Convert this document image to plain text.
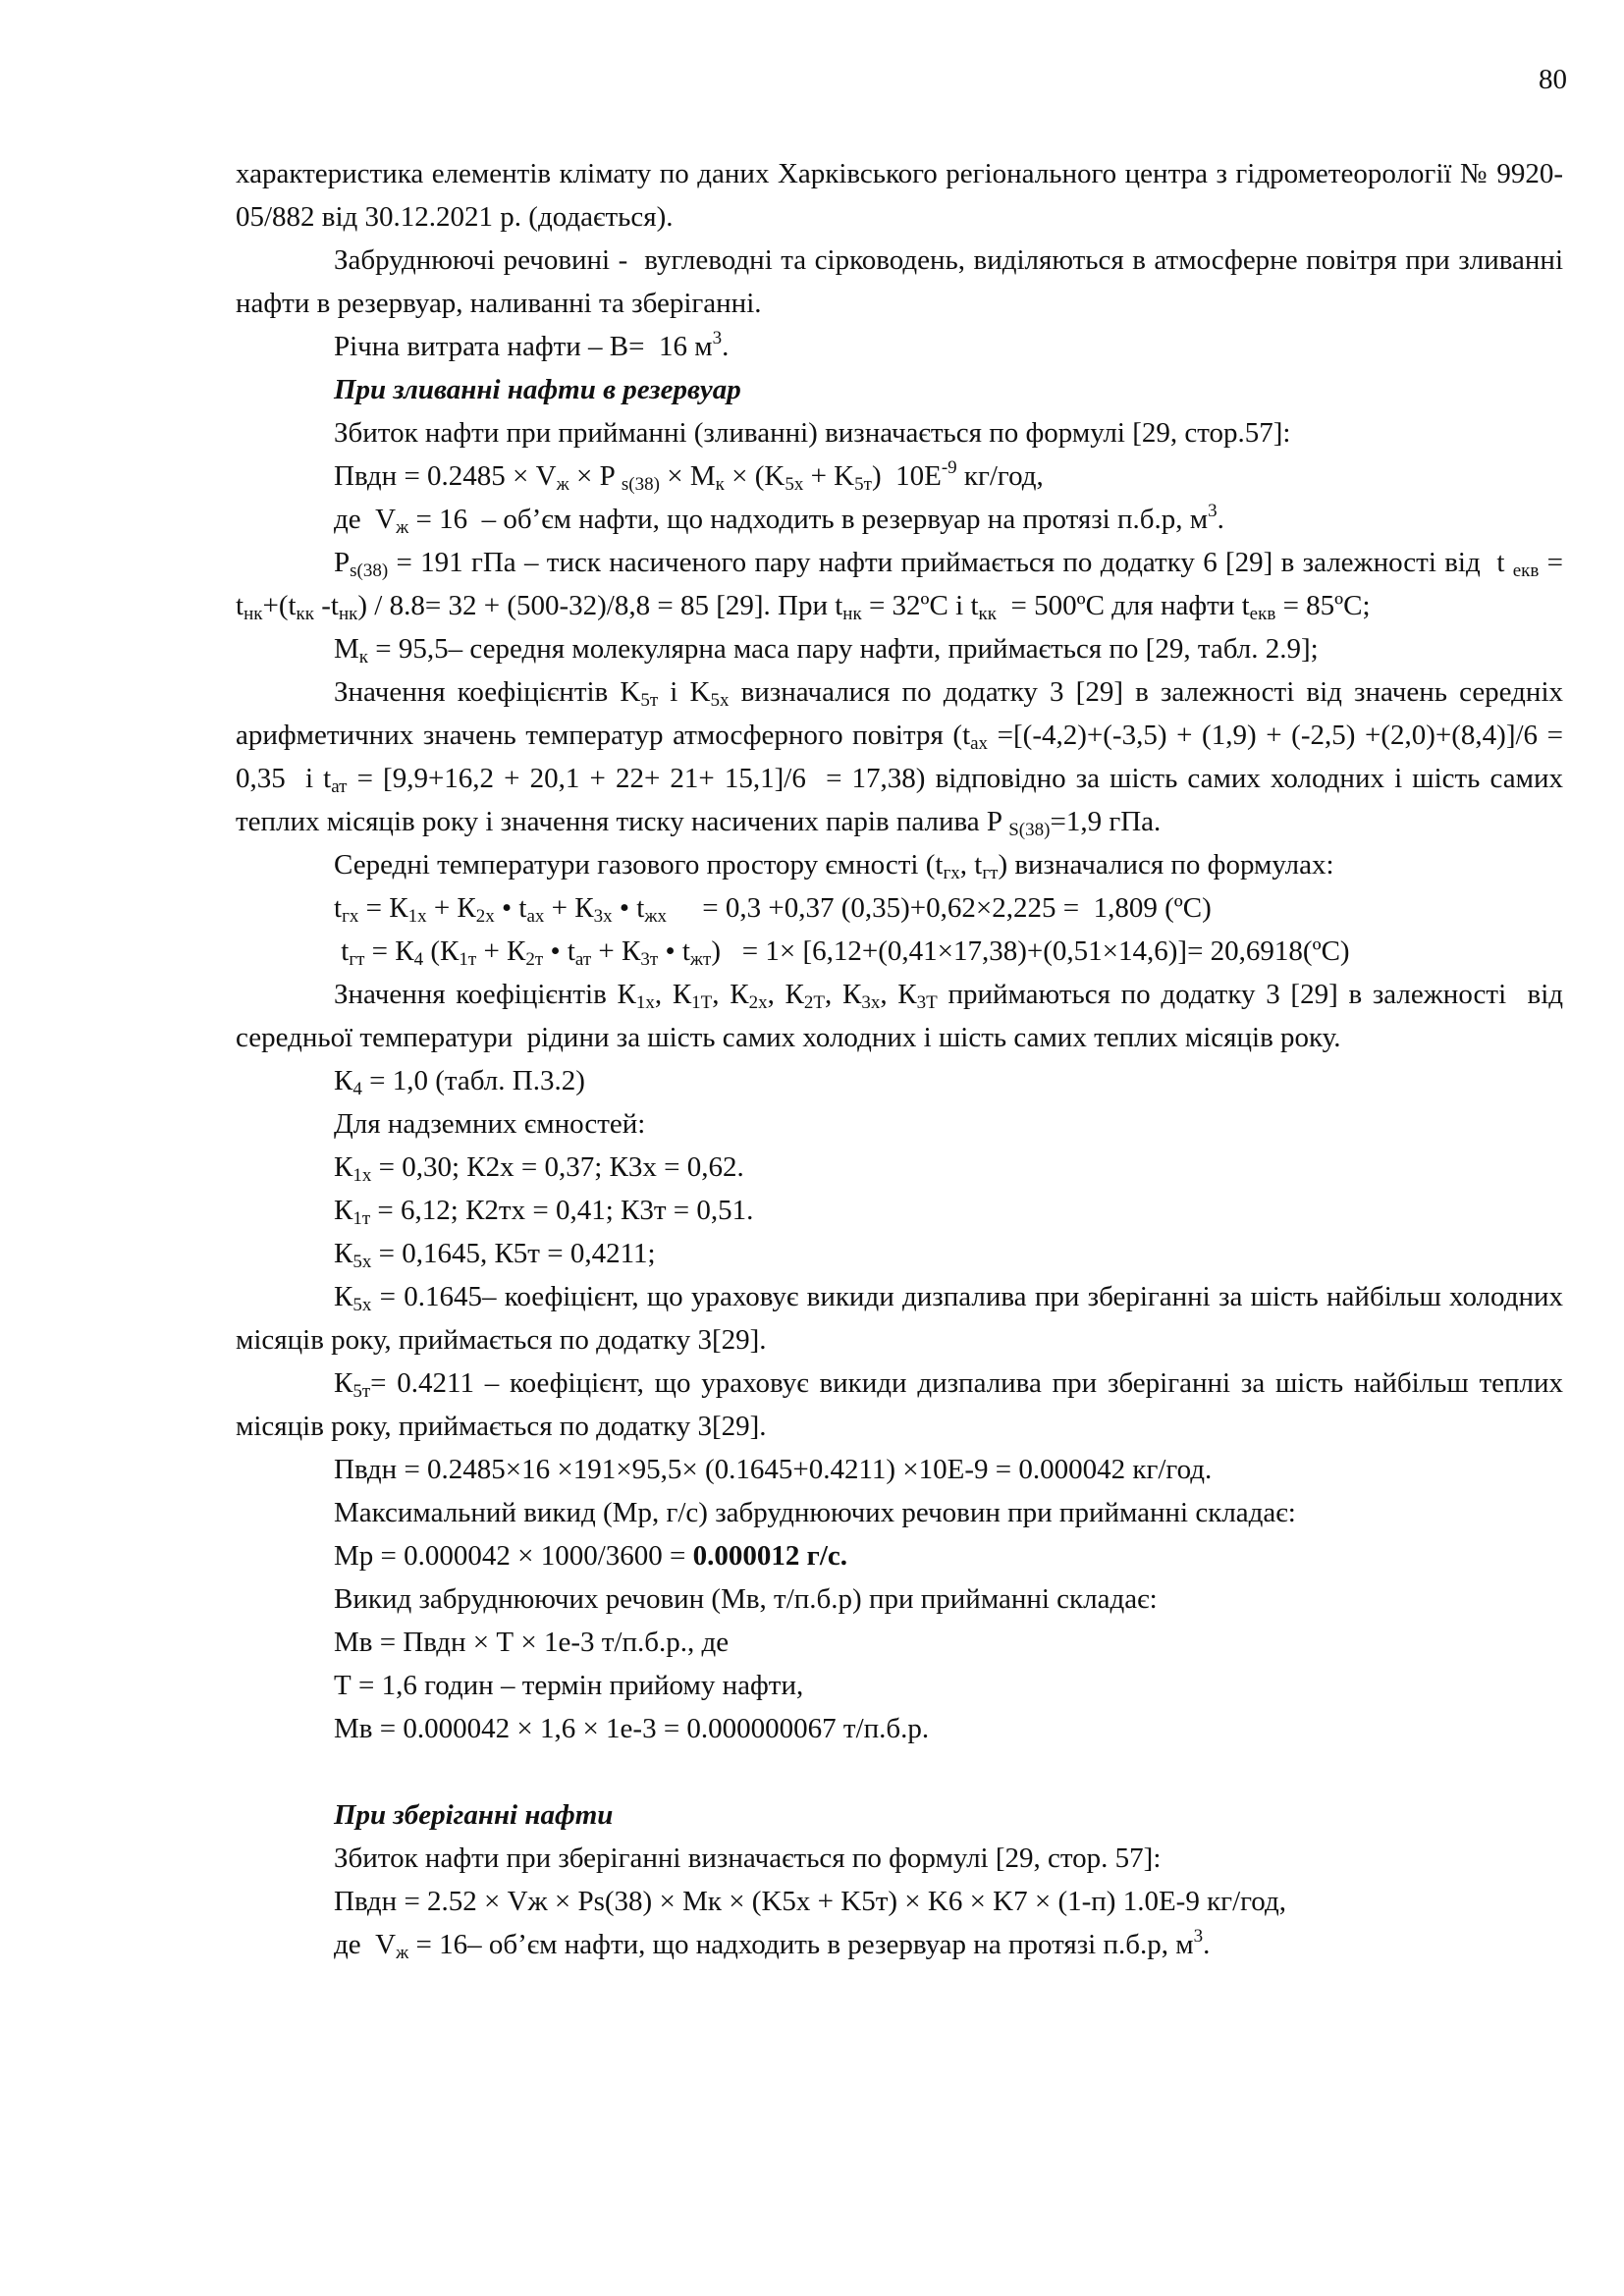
80

характеристика елементів клімату по даних Харківського регіонального центра з гідрометеорології № 9920-05/882 від 30.12.2021 р. (додається).

Забруднюючі речовині -  вуглеводні та сірководень, виділяються в атмосферне повітря при зливанні нафти в резервуар, наливанні та зберіганні.

Річна витрата нафти – В=  16 $м^3$.

При зливанні нафти в резервуар

Збиток нафти при прийманні (зливанні) визначається по формулі [29, стор.57]:

Пвдн = $0.2485 \times V_ж \times P$ $_{s(38)} \times M_к \times (K_{5х} + K_{5т})$  $10E^{-9}$ кг/год,

де  $V_ж = 16$  – об’єм нафти, що надходить в резервуар на протязі п.б.р, $м^3$.

$P_{s(38)} = 191$ гПа – тиск насиченого пару нафти приймається по додатку 6 [29] в залежності від  t $_{екв} = t_{нк}+(t_{кк}$ $-t_{нк}) / 8.8= 32 + (500-32)/8,8 = 85$ [29]. При $t_{нк}$ = 32ºС і $t_{кк}$  = 500ºС для нафти $t_{екв}$ = 85ºС;

$М_к = 95,5-$ середня молекулярна маса пару нафти, приймається по [29, табл. 2.9];

Значення коефіцієнтів $K_{5т}$ і $K_{5х}$ визначалися по додатку 3 [29] в залежності від значень середніх арифметичних значень температур атмосферного повітря ($t_{ах} =[(-4,2)+(-3,5) + (1,9) + (-2,5) +(2,0)+(8,4)]/6 = 0,35$  і $t_{ат} = [9,9+16,2 + 20,1 + 22+ 21+ 15,1]/6 = 17,38$) відповідно за шість самих холодних і шість самих теплих місяців року і значення тиску насичених парів палива P $_{S(38)}$=1,9 гПа.

Середні температури газового простору ємності ($t_{гх}$, $t_{гт}$) визначалися по формулах:

$t_{гх} = К_{1х} + К_{2х}$ • $t_{ах} + К_{3х}$ • $t_{жх}$     = 0,3 +0,37 (0,35)+0,62×2,225 =  1,809 (ºС)

$t_{гт} = К_4$ ($К_{1т} + К_{2т}$ • $t_{ат} + К_{3т}$ • $t_{жт}) = 1\times [6,12+(0,41\times 17,38)+(0,51\times 14,6)]=$ 20,6918(ºС)

Значення коефіцієнтів $К_{1х}$, $К_{1Т}$, $К_{2х}$, $К_{2Т}$, $К_{3х}$, $К_{3Т}$ приймаються по додатку 3 [29] в залежності  від середньої температури  рідини за шість самих холодних і шість самих теплих місяців року.

$К_4 = 1,0$ (табл. П.3.2)

Для надземних ємностей:

$К_{1х} = 0,30$; К2х = 0,37; К3х = 0,62.

$К_{1т} = 6,12$; К2тх = 0,41; К3т = 0,51.

$К_{5х} = 0,1645$, К5т = 0,4211;

$К_{5х} = 0.1645-$ коефіцієнт, що ураховує викиди дизпалива при зберіганні за шість найбільш холодних місяців року, приймається по додатку 3[29].

$К_{5т}= 0.4211$ – коефіцієнт, що ураховує викиди дизпалива при зберіганні за шість найбільш теплих місяців року, приймається по додатку 3[29].

Пвдн = 0.2485×16 ×191×95,5× (0.1645+0.4211) ×10E-9 = 0.000042 кг/год.

Максимальний викид (Мр, г/с) забруднюючих речовин при прийманні складає:

Мр = 0.000042 × 1000/3600 = 0.000012 г/с.

Викид забруднюючих речовин (Мв, т/п.б.р) при прийманні складає:

Мв = Пвдн × Т × 1е-3 т/п.б.р., де

Т = 1,6 годин – термін прийому нафти,

Мв = 0.000042 × 1,6 × 1е-3 = 0.000000067 т/п.б.р.

При зберіганні нафти

Збиток нафти при зберіганні визначається по формулі [29, стор. 57]:

Пвдн = 2.52 × Vж × Ps(38) × Mк × (K5х + K5т) × K6 × K7 × (1-п) 1.0E-9 кг/год,

де  $V_ж = 16-$ об’єм нафти, що надходить в резервуар на протязі п.б.р, $м^3$.
